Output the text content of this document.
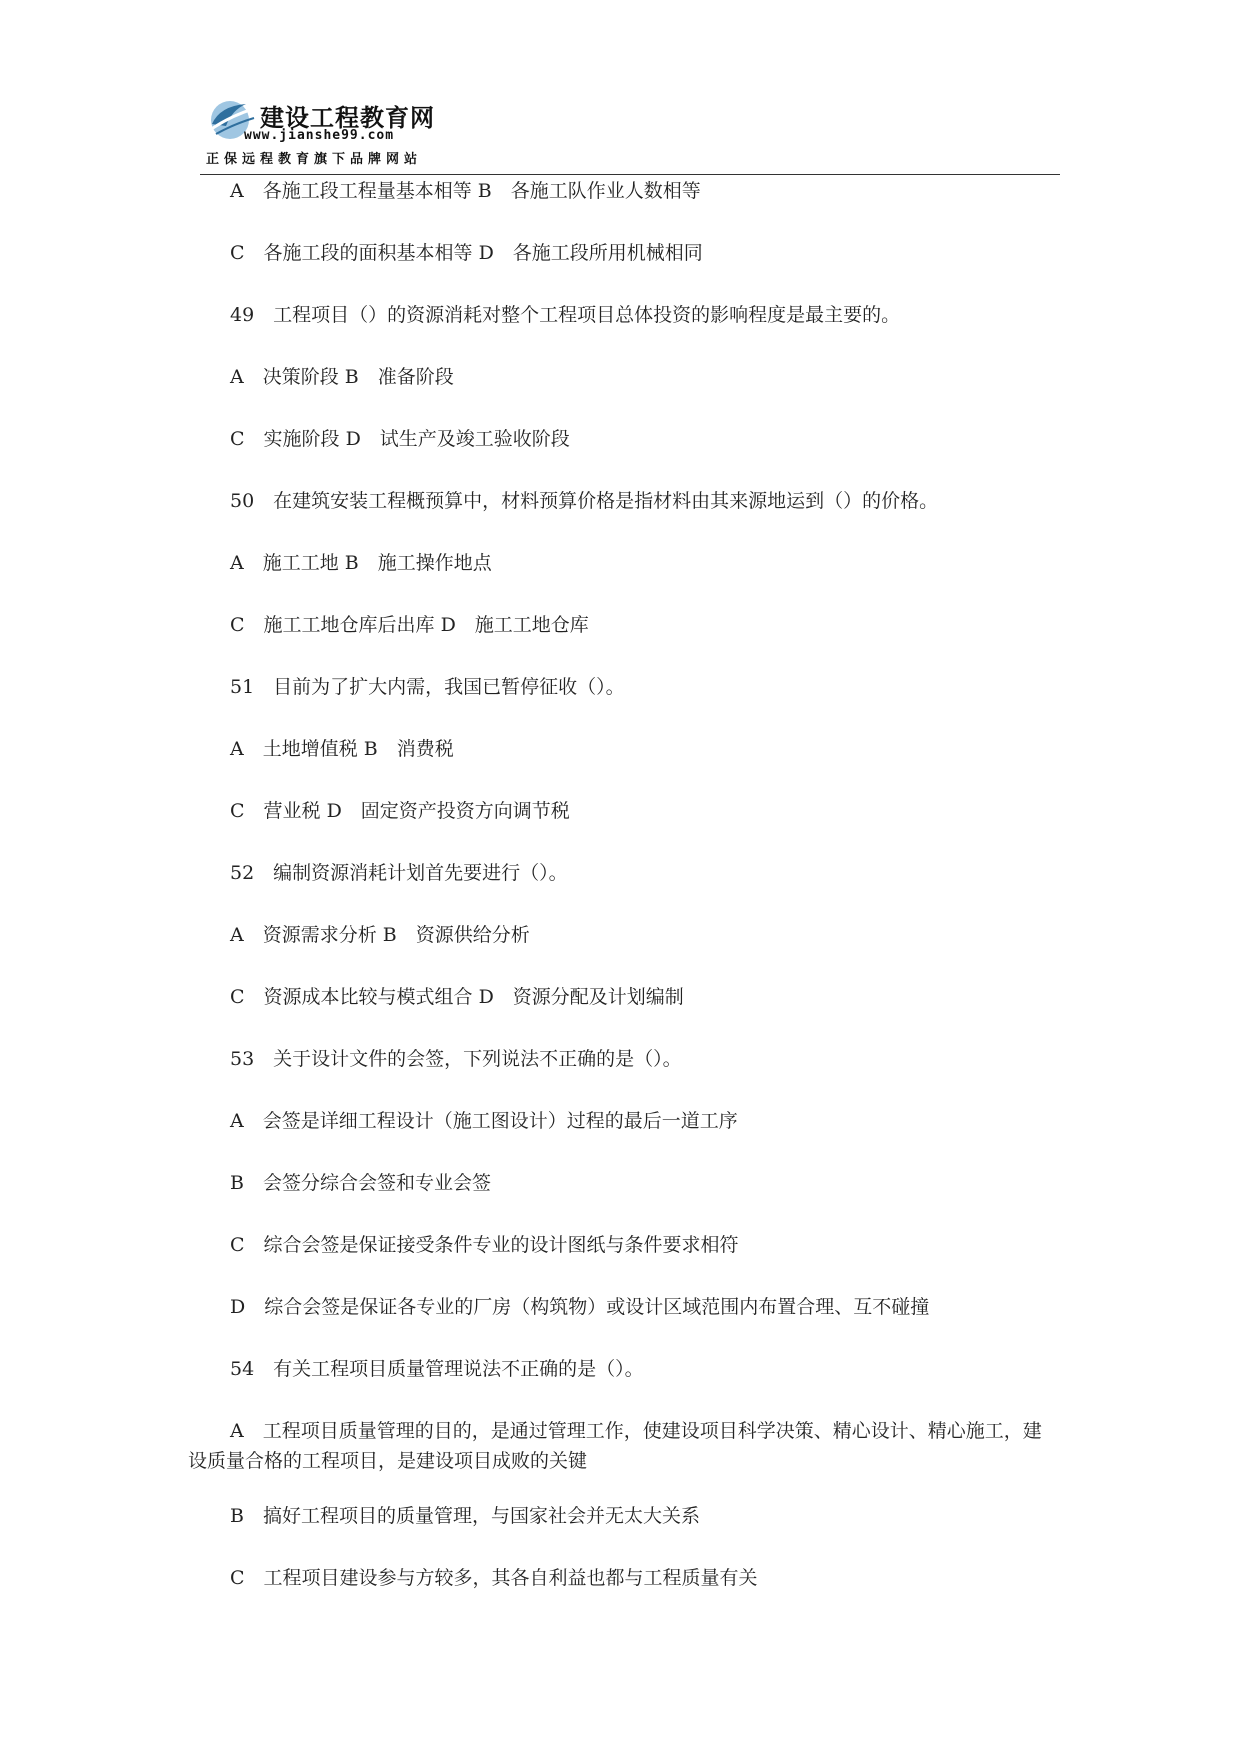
建设工程教育网
www.jianshe99.com
正保远程教育旗下品牌网站

A　各施工段工程量基本相等 B　各施工队作业人数相等

C　各施工段的面积基本相等 D　各施工段所用机械相同

49　工程项目（）的资源消耗对整个工程项目总体投资的影响程度是最主要的。

A　决策阶段 B　准备阶段

C　实施阶段 D　试生产及竣工验收阶段

50　在建筑安装工程概预算中，材料预算价格是指材料由其来源地运到（）的价格。

A　施工工地 B　施工操作地点

C　施工工地仓库后出库 D　施工工地仓库

51　目前为了扩大内需，我国已暂停征收（）。

A　土地增值税 B　消费税

C　营业税 D　固定资产投资方向调节税

52　编制资源消耗计划首先要进行（）。

A　资源需求分析 B　资源供给分析

C　资源成本比较与模式组合 D　资源分配及计划编制

53　关于设计文件的会签，下列说法不正确的是（）。

A　会签是详细工程设计（施工图设计）过程的最后一道工序

B　会签分综合会签和专业会签

C　综合会签是保证接受条件专业的设计图纸与条件要求相符

D　综合会签是保证各专业的厂房（构筑物）或设计区域范围内布置合理、互不碰撞

54　有关工程项目质量管理说法不正确的是（）。

A　工程项目质量管理的目的，是通过管理工作，使建设项目科学决策、精心设计、精心施工，建设质量合格的工程项目，是建设项目成败的关键

B　搞好工程项目的质量管理，与国家社会并无太大关系

C　工程项目建设参与方较多，其各自利益也都与工程质量有关
